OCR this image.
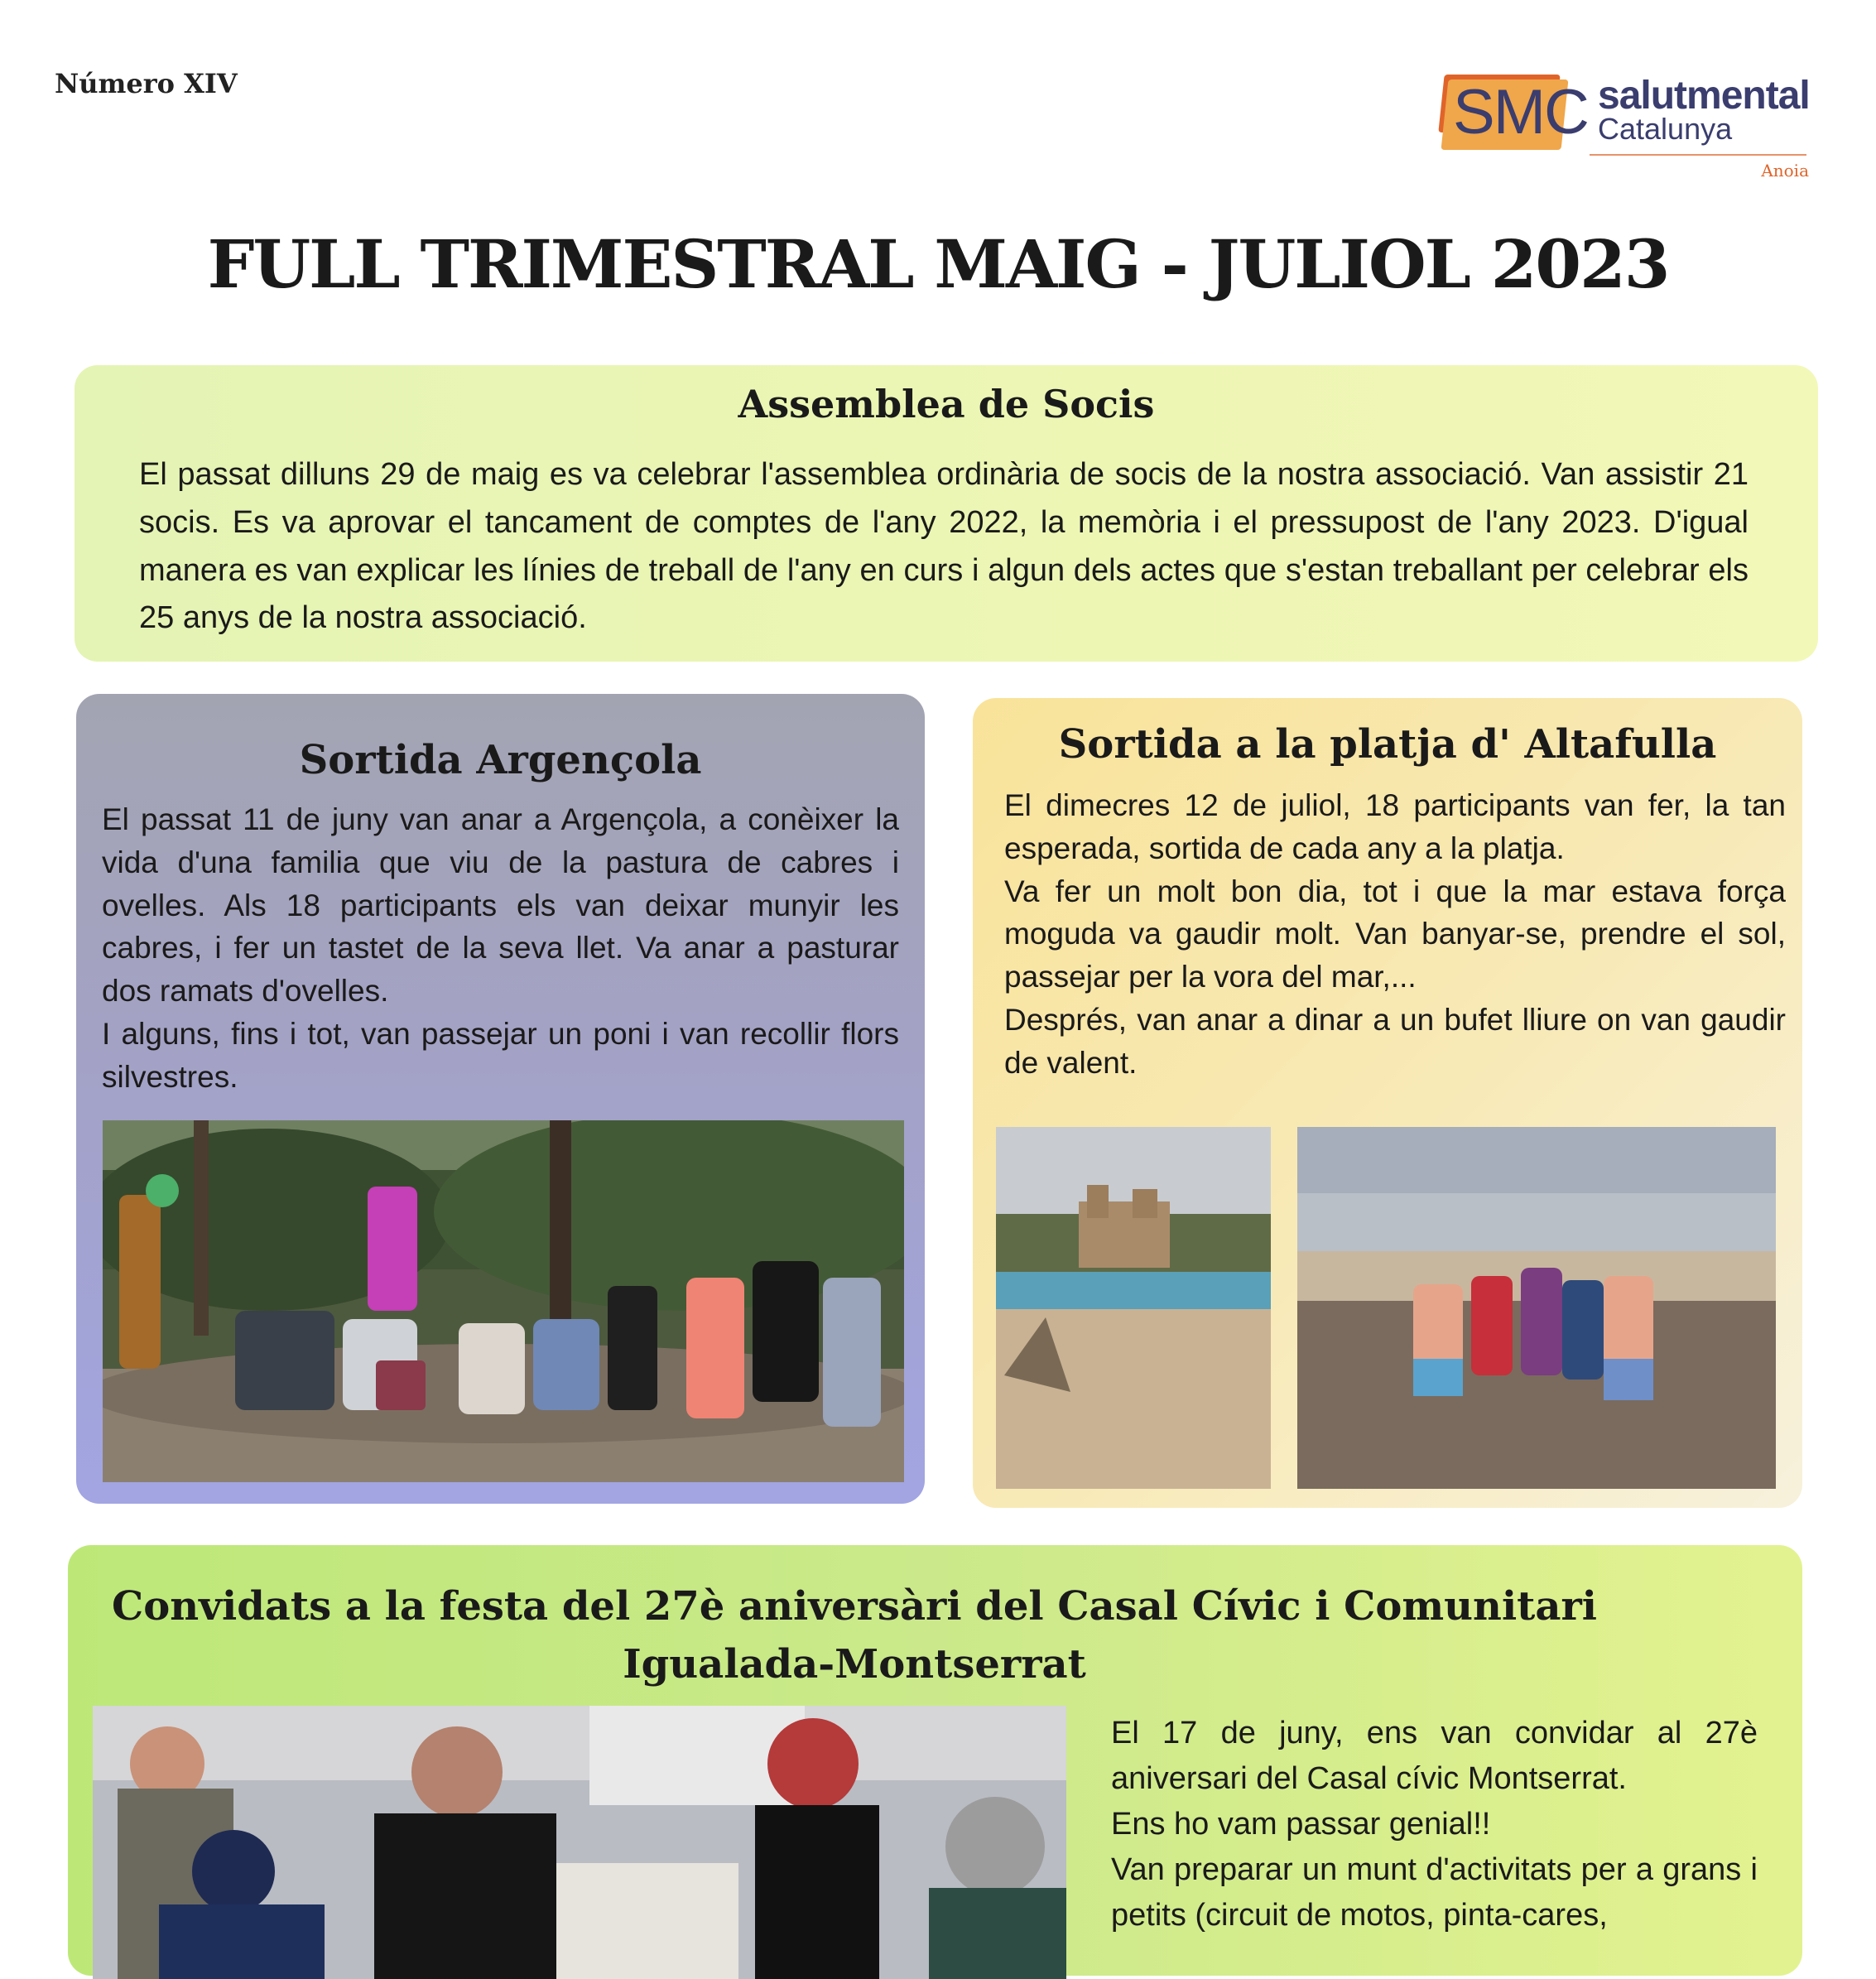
Número XIV	SMC salutmental
Catalunya
Anoia
FULL TRIMESTRAL MAIG - JULIOL 2023
Assemblea de Socis

El passat dilluns 29 de maig es va celebrar l'assemblea ordinària de socis de la nostra associació. Van assistir 21 socis. Es va aprovar el tancament de comptes de l'any 2022, la memòria i el pressupost de l'any 2023. D'igual manera es van explicar les línies de treball de l'any en curs i algun dels actes que s'estan treballant per celebrar els 25 anys de la nostra associació.

Sortida Argençola

El passat 11 de juny van anar a Argençola, a conèixer la vida d'una familia que viu de la pastura de cabres i ovelles. Als 18 participants els van deixar munyir les cabres, i fer un tastet de la seva llet. Va anar a pasturar dos ramats d'ovelles.

I alguns, fins i tot, van passejar un poni i van recollir flors silvestres.

Sortida a la platja d' Altafulla

El dimecres 12 de juliol, 18 participants van fer, la tan esperada, sortida de cada any a la platja.

Va fer un molt bon dia, tot i que la mar estava força moguda va gaudir molt. Van banyar-se, prendre el sol, passejar per la vora del mar,...

Després, van anar a dinar a un bufet lliure on van gaudir de valent.

Convidats a la festa del 27è aniversàri del Casal Cívic i Comunitari Igualada-Montserrat

El 17 de juny, ens van convidar al 27è aniversari del Casal cívic Montserrat.

Ens ho vam passar genial!!

Van preparar un munt d'activitats per a grans i petits (circuit de motos, pinta-cares,
